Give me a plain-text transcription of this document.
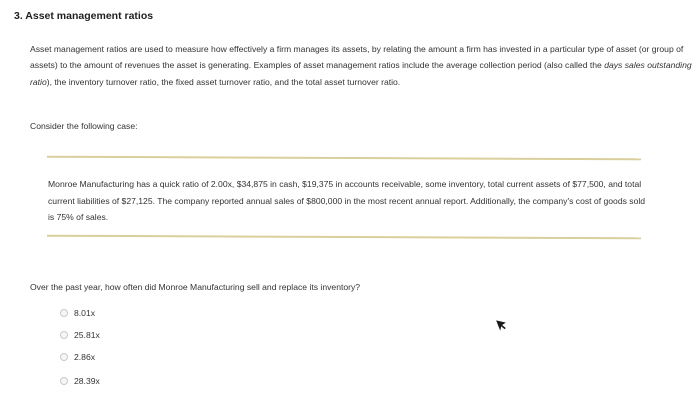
3. Asset management ratios
Asset management ratios are used to measure how effectively a firm manages its assets, by relating the amount a firm has invested in a particular type of asset (or group of assets) to the amount of revenues the asset is generating. Examples of asset management ratios include the average collection period (also called the days sales outstanding ratio), the inventory turnover ratio, the fixed asset turnover ratio, and the total asset turnover ratio.
Consider the following case:
Monroe Manufacturing has a quick ratio of 2.00x, $34,875 in cash, $19,375 in accounts receivable, some inventory, total current assets of $77,500, and total current liabilities of $27,125. The company reported annual sales of $800,000 in the most recent annual report. Additionally, the company's cost of goods sold is 75% of sales.
Over the past year, how often did Monroe Manufacturing sell and replace its inventory?
8.01x
25.81x
2.86x
28.39x
